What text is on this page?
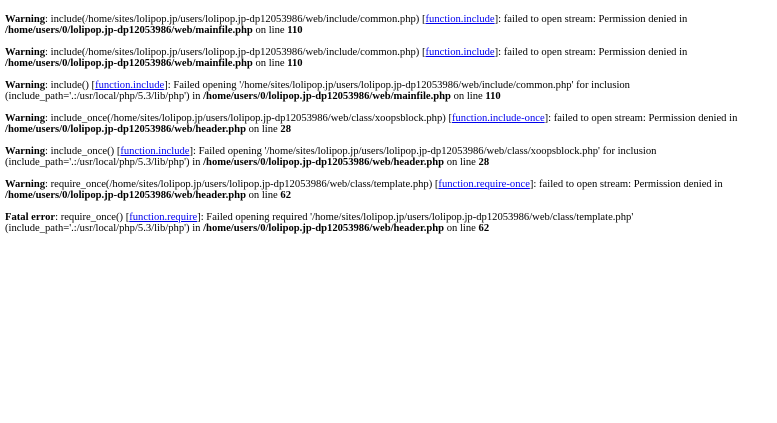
Warning: include(/home/sites/lolipop.jp/users/lolipop.jp-dp12053986/web/include/common.php) [function.include]: failed to open stream: Permission denied in /home/users/0/lolipop.jp-dp12053986/web/mainfile.php on line 110
Warning: include(/home/sites/lolipop.jp/users/lolipop.jp-dp12053986/web/include/common.php) [function.include]: failed to open stream: Permission denied in /home/users/0/lolipop.jp-dp12053986/web/mainfile.php on line 110
Warning: include() [function.include]: Failed opening '/home/sites/lolipop.jp/users/lolipop.jp-dp12053986/web/include/common.php' for inclusion (include_path='.:/usr/local/php/5.3/lib/php') in /home/users/0/lolipop.jp-dp12053986/web/mainfile.php on line 110
Warning: include_once(/home/sites/lolipop.jp/users/lolipop.jp-dp12053986/web/class/xoopsblock.php) [function.include-once]: failed to open stream: Permission denied in /home/users/0/lolipop.jp-dp12053986/web/header.php on line 28
Warning: include_once() [function.include]: Failed opening '/home/sites/lolipop.jp/users/lolipop.jp-dp12053986/web/class/xoopsblock.php' for inclusion (include_path='.:/usr/local/php/5.3/lib/php') in /home/users/0/lolipop.jp-dp12053986/web/header.php on line 28
Warning: require_once(/home/sites/lolipop.jp/users/lolipop.jp-dp12053986/web/class/template.php) [function.require-once]: failed to open stream: Permission denied in /home/users/0/lolipop.jp-dp12053986/web/header.php on line 62
Fatal error: require_once() [function.require]: Failed opening required '/home/sites/lolipop.jp/users/lolipop.jp-dp12053986/web/class/template.php' (include_path='.:/usr/local/php/5.3/lib/php') in /home/users/0/lolipop.jp-dp12053986/web/header.php on line 62
